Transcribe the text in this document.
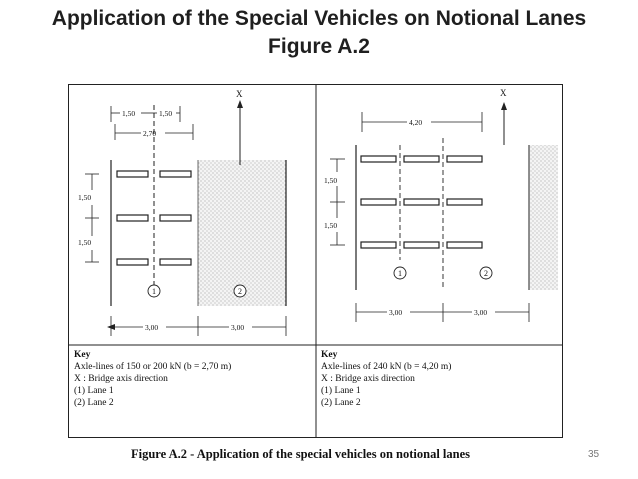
Application of the Special Vehicles on Notional Lanes
Figure A.2
X
1,50	1,50
2,70
1,50
1,50
1	2
3,00	3,00
X
4,20
1,50
1,50
1	2
3,00	3,00
Key
Axle-lines of 150 or 200 kN (b = 2,70 m)
X : Bridge axis direction
(1) Lane 1
(2) Lane 2
Key
Axle-lines of 240 kN (b = 4,20 m)
X : Bridge axis direction
(1) Lane 1
(2) Lane 2
Figure A.2 - Application of the special vehicles on notional lanes	35
